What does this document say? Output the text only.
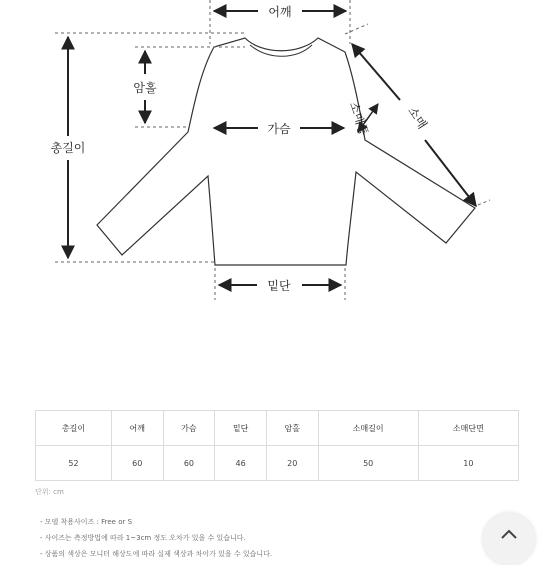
어깨
암홀
총길이
가슴	소매통	소매
밑단
총길이	어깨	가슴	밑단	암홀	소매길이	소매단면
52	60	60	46	20	50	10
단위: cm
- 모델 착용사이즈 : Free or S
- 사이즈는 측정방법에 따라 1~3cm 정도 오차가 있을 수 있습니다.
- 상품의 색상은 모니터 해상도에 따라 실제 색상과 차이가 있을 수 있습니다.
